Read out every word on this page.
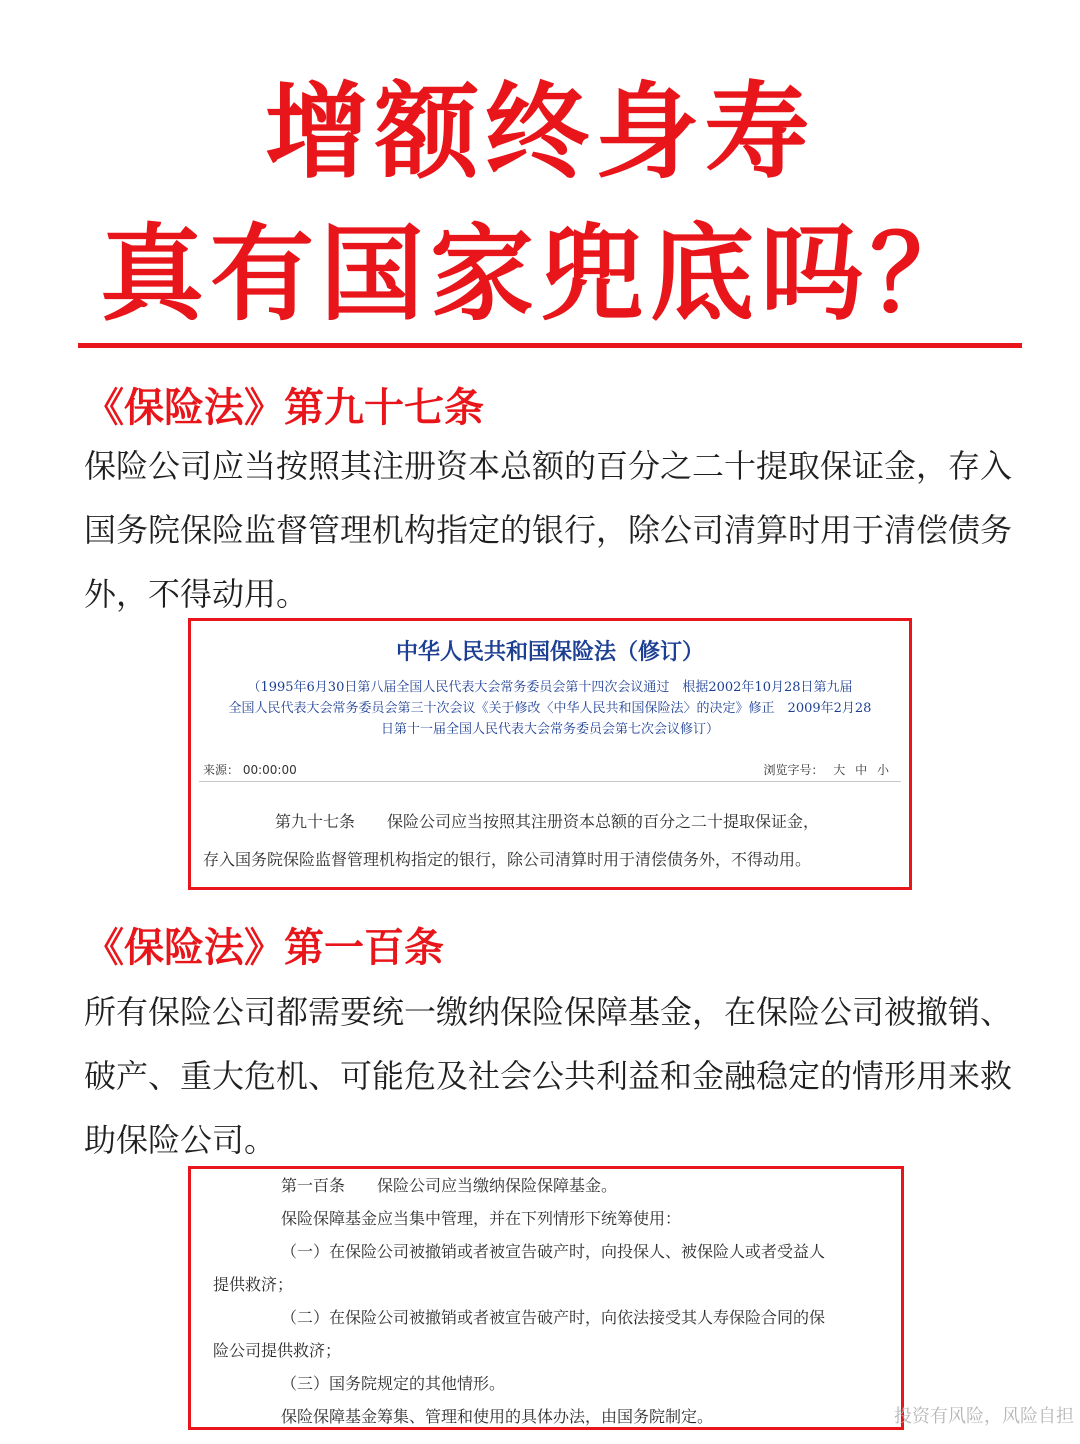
增额终身寿
真有国家兜底吗？
《保险法》第九十七条
保险公司应当按照其注册资本总额的百分之二十提取保证金，存入国务院保险监督管理机构指定的银行，除公司清算时用于清偿债务外，不得动用。
中华人民共和国保险法（修订）
（1995年6月30日第八届全国人民代表大会常务委员会第十四次会议通过　根据2002年10月28日第九届
全国人民代表大会常务委员会第三十次会议《关于修改〈中华人民共和国保险法〉的决定》修正　2009年2月28
日第十一届全国人民代表大会常务委员会第七次会议修订）
来源： 00:00:00	浏览字号： 大 中 小
第九十七条　　保险公司应当按照其注册资本总额的百分之二十提取保证金，
存入国务院保险监督管理机构指定的银行，除公司清算时用于清偿债务外，不得动用。
《保险法》第一百条
所有保险公司都需要统一缴纳保险保障基金，在保险公司被撤销、破产、重大危机、可能危及社会公共利益和金融稳定的情形用来救助保险公司。
第一百条　　保险公司应当缴纳保险保障基金。
保险保障基金应当集中管理，并在下列情形下统筹使用：
（一）在保险公司被撤销或者被宣告破产时，向投保人、被保险人或者受益人
提供救济；
（二）在保险公司被撤销或者被宣告破产时，向依法接受其人寿保险合同的保
险公司提供救济；
（三）国务院规定的其他情形。
保险保障基金筹集、管理和使用的具体办法，由国务院制定。	投资有风险，风险自担
